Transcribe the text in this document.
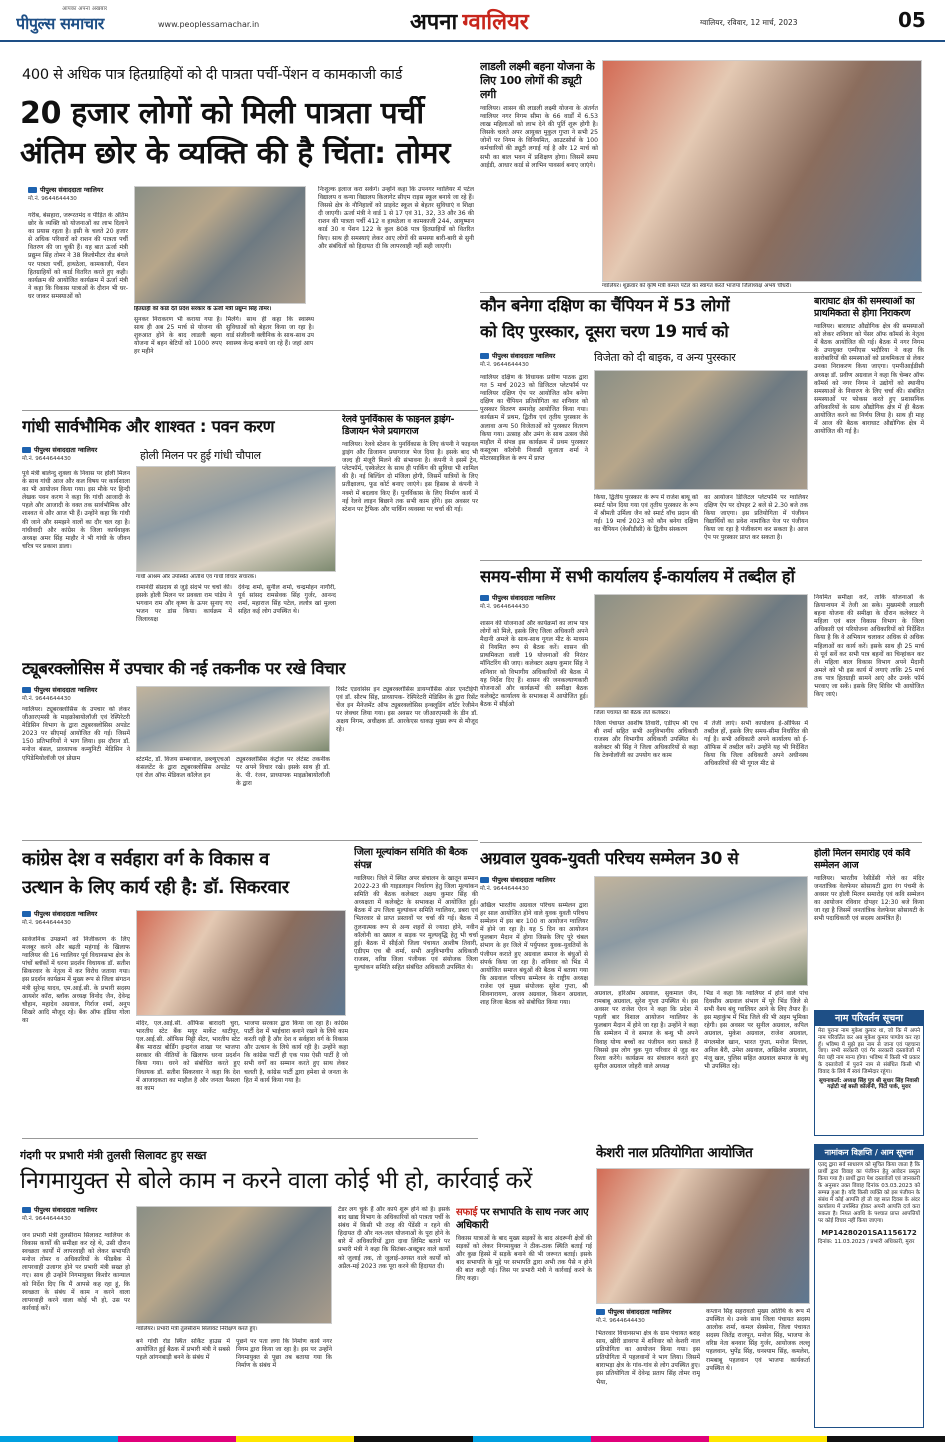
पीपुल्स समाचार
आपका अपना अखबार
www.peoplessamachar.in	अपना ग्वालियर	ग्वालियर, रविवार, 12 मार्च, 2023	05
400 से अधिक पात्र हितग्राहियों को दी पात्रता पर्ची-पेंशन व कामकाजी कार्ड
20 हजार लोगों को मिली पात्रता पर्ची
अंतिम छोर के व्यक्ति की है चिंता: तोमर
पीपुल्स संवाददाता ग्वालियर
मो.नं. 9644644430
गरीब, बेसहारा, जरूरतमंद व पीड़ित के अंतिम छोर के व्यक्ति को योजनाओं का लाभ दिलाने का प्रयास रहता है। इसी के चलते 20 हजार से अधिक परिवारों को राशन की पात्रता पर्ची वितरण की जा चुकी हैं। यह बात ऊर्जा मंत्री प्रद्युम्न सिंह तोमर ने 38 किलोमीटर रोड बंगले पर पात्रता पर्ची, हाथठेला, कामकाजी, पेंशन हितग्राहियों को कार्ड वितरित करते हुए कही। कार्यक्रम की आयोजित कार्यक्रम में ऊर्जा मंत्री ने कहा कि विकास यात्राओं के दौरान भी घर-घर जाकर समस्याओं को
हितग्राही को कार्ड देते प्रदेश सरकार के ऊर्जा मंत्री प्रद्युम्न सिंह तोमर।
सुनकर निराकरण भी कराया गया है। साथ ही अब 25 मार्च से योजना की शुरुआत होने के बाद लाडली बहना योजना में बहन बेटियों को 1000 रुपए हर महीने
मिलेंगे। साथ ही कहा कि स्वास्थ्य सुविधाओं को बेहतर किया जा रहा है। वार्ड संजीवनी क्लीनिक के साथ-साथ उप स्वास्थ्य केन्द्र बनाये जा रहे हैं। जहां आप
निःशुल्क इलाज करा सकेंगे। उन्होंने कहा कि उपनगर ग्वालियर में पटेल विद्यालय व कन्या विद्यालय किलागेट सीएम राइस स्कूल बनाये जा रहे हैं। जिससे क्षेत्र के नौनिहालों को प्राइवेट स्कूल से बेहतर सुविधाएं व शिक्षा दी जाएगी। ऊर्जा मंत्री ने वार्ड 1 से 17 एवं 31, 32, 33 और 36 की राशन की पात्रता पर्ची 412 व हाथठेला व कामकाजी 244, आयुष्मान कार्ड 30 व पेंशन 122 के कुल 808 पात्र हितग्राहियों को वितरित किए। साथ ही समस्याएं लेकर आए लोगों की समस्या बारी-बारी से सुनी और संबंधितों को हिदायत दी कि लापरवाही नहीं सही जाएगी।
लाडली लक्ष्मी बहना योजना के लिए 100 लोगों की ड्यूटी लगी
ग्वालियर। शासन की लाडली लक्ष्मी योजना के अंतर्गत ग्वालियर नगर निगम सीमा के 66 वार्डों में 6.53 लाख महिलाओं को लाभ देने की पूर्ति शुरू होगी है। जिसके चलते अपर आयुक्त मुकुल गुप्ता ने सभी 25 जोनों पर निगम के विनियमित, आउटसोर्स के 100 कर्मचारियों की ड्यूटी लगाई गई है और 12 मार्च को सभी का बाल भवन में प्रशिक्षण होगा। जिसमें समग्र आईडी, आधार कार्ड से लाभिन पावसर्व बनाए जाएंगे।
ग्वालियर। शुक्रवार को कृषि मंत्री कमल पटेल का स्वागत करते भाजपा जिलाध्यक्ष अभय चौधरी।
गांधी सार्वभौमिक और शाश्वत : पवन करण
पीपुल्स संवाददाता ग्वालियर
मो.नं. 9644644430	होली मिलन पर हुई गांधी चौपाल
पूर्व मंत्री बालेन्दु शुक्ला के निवास पर होली मिलन के साथ गांधी आज और कल विषय पर कार्यशाला का भी आयोजन किया गया। इस मौके पर हिन्दी लेखक पवन करण ने कहा कि गांधी आजादी के पहले और आजादी के वक्त तक सार्वभौमिक और शाश्वत थे और आज भी हैं। उन्होंने कहा कि गांधी की जाने और समझने वालों का दौर चल रहा है। गांधीवादी और कांग्रेस के जिला कार्यवाहक अध्यक्ष अमर सिंह माहौर ने भी गांधी के जीवन चरित्र पर प्रकाश डाला।
गांधी आश्रम और उपस्थित अतिथि एवं गांधी विचार संचारक।
रामानंदी संप्रदाय से जुड़े संदर्भ पर चर्चा की। इसके होली मिलन पर प्रवक्ता राम पांडेय ने भगवान राम और कृष्ण के ऊपर सुनाए गए भजन पर डांस किया। कार्यक्रम में जिलाध्यक्ष
देवेन्द्र शर्मा, सुनील शर्मा, चन्द्रमोहन नागौरी, पूर्व सांसद रामसेवक सिंह गुर्जर, आनन्द शर्मा, महाराज सिंह पटेल, ललोत्र खां मुल्ला सहित कई लोग उपस्थित थे।
रेलवे पुनर्विकास के फाइनल ड्राइंग-डिजायन भेजे प्रयागराज
ग्वालियर। रेलवे स्टेशन के पुनर्विकास के लिए कंपनी ने फाइनल ड्राइंग और डिजायन प्रयागराज भेज दिया है। इसके बाद भी जल्द ही मंजूरी मिलने की संभावना है। कंपनी ने इसमें ट्रेन, प्लेटफॉर्म, एस्केलेटर के साथ ही पार्किंग की सुविधा भी शामिल की है। नई बिल्डिंग दो मंजिला होगी, जिसमें यात्रियों के लिए प्रतीक्षालय, फूड कोर्ट बनाए जाएंगे। इस हिसाब से कंपनी ने नक्शे में बदलाव किए हैं। पुनर्विकास के लिए निर्माण कार्य में नई रेलवे लाइन बिछाने तक सभी काम होंगे। इस अवसर पर स्टेशन पर ट्रैफिक और पार्किंग व्यवस्था पर चर्चा की गई।
कौन बनेगा दक्षिण का चैंपियन में 53 लोगों
को दिए पुरस्कार, दूसरा चरण 19 मार्च को
पीपुल्स संवाददाता ग्वालियर
मो.नं. 9644644430
विजेता को दी बाइक, व अन्य पुरस्कार
ग्वालियर दक्षिण के विधायक प्रवीण पाठक द्वारा गत 5 मार्च 2023 को डिजिटल प्लेटफॉर्म पर ग्वालियर दक्षिण ऐप पर आयोजित कौन बनेगा दक्षिण का चैंपियन प्रतियोगिता का शनिवार को पुरस्कार वितरण समारोह आयोजित किया गया। कार्यक्रम में प्रथम, द्वितीय एवं तृतीय पुरस्कार के अलावा अन्य 50 विजेताओं को पुरस्कार वितरण किया गया। उत्साह और उमंग के साथ उत्सव जैसे माहौल में संपन्न इस कार्यक्रम में प्रथम पुरस्कार कस्तूरबा कॉलोनी निवासी सुजाता शर्मा ने मोटरसाइकिल के रूप में प्राप्त
किया, द्वितीय पुरस्कार के रूप में राजेश बाथू को स्मार्ट फोन दिया गया एवं तृतीय पुरस्कार के रूप में श्रीमती उर्मिला जैन को स्मार्ट वॉच प्रदान की गई। 19 मार्च 2023 को कौन बनेगा दक्षिण का चैंपियन (केबीडीसी) के द्वितीय संस्करण
का आयोजन डिजिटल प्लेटफॉर्म पर ग्वालियर दक्षिण ऐप पर दोपहर 2 बजे से 2.30 बजे तक किया जाएगा। इस प्रतियोगिता में पंजीयन विद्यार्थियों का प्रवेश नामांकित पेज पर पंजीयन किया जा रहा है पंजीकरण कर सकता है। आज ऐप पर पुरस्कार प्राप्त कर सकता है।
बाराघाट क्षेत्र की समस्याओं का प्राथमिकता से होगा निराकरण
ग्वालियर। बाराघाट औद्योगिक क्षेत्र की समस्याओं को लेकर शनिवार को पेंसर ऑफ कॉमर्स के नेतृत्व में बैठक आयोजित की गई। बैठक में नगर निगम के उपायुक्त एम्पीएस भदौरिया ने कहा कि कारोबारियों की समस्याओं को प्राथमिकता से लेकर उनका निराकरण किया जाएगा। एमपीआईडीसी अध्यक्ष डॉ. प्रवीण अग्रवाल ने कहा कि चेम्बर ऑफ कॉमर्स को नगर निगम ने उद्योगों को स्थानीय समस्याओं के निवारण के लिए चर्चा की। संबंधित समस्याओं पर फोकस करते हुए प्रशासनिक अधिकारियों के साथ औद्योगिक क्षेत्र में ही बैठक आयोजित करने का निर्णय लिया है। साथ ही माह में आज की बैठक बाराघाट औद्योगिक क्षेत्र में आयोजित की गई है।
ट्यूबरक्लोसिस में उपचार की नई तकनीक पर रखे विचार
पीपुल्स संवाददाता ग्वालियर
मो.नं. 9644644430
ग्वालियर। ट्यूबरक्लोसिस के उपचार को लेकर जीआरएमसी के माइक्रोबायोलॉजी एवं रेस्पिरेटरी मेडिसिन विभाग के द्वारा ट्यूबरक्लोसिस अपडेट 2023 पर सीएमई आयोजित की गई। जिसमें 150 प्रतिभागियों ने भाग लिया। इस दौरान डॉ. मनोज बंसल, प्राध्यापक कम्युनिटी मेडिसिन ने एपिडेमियोलॉजी एवं प्रोग्राम	स्टेटमेंट, डॉ. विजय सम्बरवाल, डब्ल्यूएचओ कंसलटेंट के द्वारा ट्यूबरक्लोसिस अपडेट एवं रोल ऑफ मेडिकल कॉलेज इन
ट्यूबरक्लोसिस कंट्रोल पर लेटेस्ट तकनीक पर अपने विचार रखे। इसके साथ ही डॉ. के. पी. रंजन, प्राध्यापक माइक्रोबायोलॉजी के द्वारा
रिसेंट एडवांसेस इन ट्यूबरक्लोसिस डायग्नोसिस अंडर एनटीईपी एवं डॉ. सौरभ सिंह, प्राध्यापक- रेस्पिरेटरी मेडिसिन के द्वारा रिसेंट चेंज इन मैनेजमेंट ऑफ ट्यूबरक्लोसिस इन्क्लूडिंग शॉर्टर रेजीमेन पर लेक्चर लिया गया। इस अवसर पर जीआरएमसी के डीन डॉ. अक्षय निगम, अधीक्षक डॉ. आरकेएस धाकड़ मुख्य रूप से मौजूद रहे।
समय-सीमा में सभी कार्यालय ई-कार्यालय में तब्दील हों
पीपुल्स संवाददाता ग्वालियर
मो.नं. 9644644430
शासन की योजनाओं और कार्यक्रमों का लाभ पात्र लोगों को मिले, इसके लिए जिला अधिकारी अपने मैदानी अमले के साथ-साथ गूगल मीट के माध्यम से नियमित रूप से बैठक करें। शासन की प्राथमिकता वाली 19 योजनाओं की निरंतर मॉनिटरिंग की जाए। कलेक्टर अक्षय कुमार सिंह ने शनिवार को विभागीय अधिकारियों की बैठक में यह निर्देश दिए हैं। शासन की जनकल्याणकारी योजनाओं और कार्यक्रमों की समीक्षा बैठक कलेक्ट्रेट कार्यालय के सभाकक्ष में आयोजित हुई। बैठक में सीईओ
जिला पंचायत की बैठक लेते कलेक्टर।
जिला पंचायत आशीष तिवारी, एडीएम श्री एच बी शर्मा सहित सभी अनुविभागीय अधिकारी राजस्व और विभागीय अधिकारी उपस्थित थे। कलेक्टर श्री सिंह ने जिला अधिकारियों से कहा कि टेक्नोलॉजी का उपयोग कर काम
में तेजी लाएं। सभी कार्यालय ई-ऑफिस में तब्दील हों, इसके लिए समय-सीमा निर्धारित की गई है। सभी अधिकारी अपने कार्यालय को ई-ऑफिस में तब्दील करें। उन्होंने यह भी निर्देशित किया कि जिला अधिकारी अपने अधीनस्थ अधिकारियों की भी गूगल मीट से
नियमित समीक्षा करें, ताकि योजनाओं के क्रियान्वयन में तेजी आ सके। मुख्यमंत्री लाडली बहना योजना की समीक्षा के दौरान कलेक्टर ने महिला एवं बाल विकास विभाग के जिला अधिकारी एवं परियोजना अधिकारियों को निर्देशित किया है कि वे अभियान चलाकर अधिक से अधिक महिलाओं का कार्य करें। इसके साथ ही 25 मार्च से पूर्व सर्वे कर सभी पात्र बहनों का चिन्हांकन कर लें। महिला बाल विकास विभाग अपने मैदानी अमले को भी इस कार्य में लगाएं ताकि 25 मार्च तक पात्र हितग्राही सामने आएं और उनके फॉर्म भरवाए जा सकें। इसके लिए शिविर भी आयोजित किए जाएं।
कांग्रेस देश व सर्वहारा वर्ग के विकास व
उत्थान के लिए कार्य रही है: डॉ. सिकरवार
पीपुल्स संवाददाता ग्वालियर
मो.नं. 9644644430
सार्वजनिक उपक्रमों को निजीकरण के लिए मजबूर करने और बढ़ती महंगाई के खिलाफ ग्वालियर की 16 ग्वालियर पूर्व विधानसभा क्षेत्र के पांचों ब्लॉकों में धरना प्रदर्शन विधायक डॉ. सतीश सिकरवार के नेतृत्व में कर विरोध जताया गया। इस प्रदर्शन कार्यक्रम में मुख्य रूप से जिला संगठन मंत्री सुरेन्द्र यादव, एम.आई.सी. के प्रभारी सदस्य आयशेर कॉरा, ब्लॉक अध्यक्ष विनोद जैन, देवेन्द्र चौहान, महादेव अग्रवाल, गिर्राज शर्मा, अनूप शिखरे आदि मौजूद रहे। बैंक ऑफ इंडिया गोला का	मंदिर, एल.आई.सी. ऑफिस बारादरी चुरा, भारतीय स्टेट बैंक मयूर मार्केट थाटीपुर, एल.आई.सी. ऑफिस मिट्टी सेंटर, भारतीय स्टेट बैंक माराठा बोर्डिंग इन्द्रगंज शाखा पर भाजपा सरकार की नीतियों के खिलाफ धरना प्रदर्शन किया गया। धरने को संबोधित करते हुए विधायक डॉ. सतीश सिकरवार ने कहा कि देश में आजादकता का माहौल है और जनता फैसला का काम
भाजपा सरकार द्वारा किया जा रहा है। कांग्रेस पार्टी देश में भाईचारा बनाने रखने के लिये काम करती रही है और देश व सर्वहारा वर्ग के विकास और उत्थान के लिये कार्य रही है। उन्होंने कहा कि कांग्रेस पार्टी ही एक पास ऐसी पार्टी है जो सभी वर्गों का सम्मान करते हुए साथ लेकर चलती है, कांग्रेस पार्टी द्वारा हमेशा से जनता के हित में कार्य किया गया है।
जिला मूल्यांकन समिति की बैठक संपन्न
ग्वालियर। जिले में स्थित अपर संचालन के खातून सम्मान 2022-23 की गाइडलाइन निर्धारण हेतु जिला मूल्यांकन समिति की बैठक कलेक्टर अक्षय कुमार सिंह की अध्यक्षता में कलेक्ट्रेट के सभाकक्ष में आयोजित हुई। बैठक में उप जिला मूल्यांकन समिति ग्वालियर, डबरा एवं भितरवार से प्राप्त प्रस्तावों पर चर्चा की गई। बैठक में तुलनात्मक रूप से अन्य शहरों से ज्यादा होने, नवीन कॉलोनी का ख्याल व सड़क पर मूल्यवृद्धि हेतु भी चर्चा हुई। बैठक में सीईओ जिला पंचायत आशीष तिवारी, एडीएम एच बी शर्मा, सभी अनुविभागीय अधिकारी राजस्व, वरिष्ठ जिला पंजीयक एवं संयोजक जिला मूल्यांकन समिति सहित संबंधित अधिकारी उपस्थित थे।
अग्रवाल युवक-युवती परिचय सम्मेलन 30 से
पीपुल्स संवाददाता ग्वालियर
मो.नं. 9644644430
अखिल भारतीय अग्रवाल परिचय सम्मेलन द्वारा हर साल आयोजित होने वाले युवक युवती परिचय सम्मेलन में इस बार 100 वा आयोजन ग्वालियर में होने जा रहा है। यह 5 दिन का आयोजन फूलबाग मैदान में होगा जिसके लिए पूरे चंबल संभाग के हर जिले में पर्युपकर युवक-युवतियों के पंजीयन कराते हुए अग्रवाल समाज के बंधुओं से संपर्क किया जा रहा है। शनिवार को भिंड में आयोजित समाज बंधुओं की बैठक में बताया गया कि अग्रवाल परिचय सम्मेलन के राष्ट्रीय अध्यक्ष राजेश एवं मुख्य संयोजक सुरेश गुप्ता, श्री शिवनारायण, अजय अग्रवाल, किशन अग्रवाल, शाह लिजा बैठक को संबोधित किया गया।
अग्रवाल, हरिओम अग्रवाल, सुकमाल जैन, रामबाबू अग्रवाल, सुरेश गुप्ता उपस्थित थे। इस अवसर पर राजेश ऐरन ने कहा कि प्रदेश में पहली बार विशाल आयोजन ग्वालियर के फूलबाग मैदान में होने जा रहा है। उन्होंने ने कहा कि सम्मेलन में वे समाज के बन्धु भी अपने विवाह योग्य बच्चों का पंजीयन करा सकते हैं जिससे इस लोग चुक पूरा परिवार से जुड़ कर रिश्ता करेंगे। कार्यक्रम का संचालन करते हुए सुनील अग्रवाल जोहरी वाले अध्यक्ष
भिंड ने कहा कि ग्वालियर में होने वाले पांच दिवसीय अग्रवाल संभाग में पूरे भिंड जिले से सभी वैश्य बंधु ग्वालियर आने के लिए तैयार हैं। इस महाकुंभ में भिंड जिले की भी अहम भूमिका रहेगी। इस अवसर पर सुनील अग्रवाल, कपिल अग्रवाल, मुकेश अग्रवाल, राजेश अग्रवाल, मंगलमोल खान, भारत गुप्ता, मनोज मित्तल, अनिल बैरी, उमेश अग्रवाल, अखिलेश अग्रवाल, मंजू खल, पुलिस सहित अग्रवाल समाज के बंधु भी उपस्थित रहे।
होली मिलन समारोह एवं कवि सम्मेलन आज
ग्वालियर। भारतीय रेसीडेंसी गोले का मंदिर जनतांत्रिक वेलफेयर सोसायटी द्वारा रंग पंचमी के अवसर पर होली मिलन समारोह एवं कवि सम्मेलन का आयोजन रविवार दोपहर 12:30 बजे किया जा रहा है जिसमें जनतांत्रिक वेलफेयर सोसायटी के सभी पदाधिकारी एवं सदस्य आमंत्रित हैं।
नाम परिवर्तन सूचना
मेरा पुराना नाम मुकेश कुमार था, जो कि में अपने नाम परिवर्तित कर अब मुकेश कुमार पाण्डेय कर रहा हूँ। भविष्य में मुझे इस नाम से जाना एवं पहचाना जाए। सभी सरकारी एवं गैर सरकारी दस्तावेजों में मेरा यही नाम मान्य होगा। भविष्य में किसी भी प्रकार के दस्तावेजों में पुराने नाम से संबंधित किसी भी विवाद के लिये मैं स्वयं जिम्मेदार रहूंगा।
सूचनाकर्ता: अध्यक्ष सिंह पुत्र श्री सुधार सिंह निवासी गढ़ोटी नई बस्ती कॉलोनी, पिंटो पार्क, मुरार
गंदगी पर प्रभारी मंत्री तुलसी सिलावट हुए सख्त
निगमायुक्त से बोले काम न करने वाला कोई भी हो, कार्रवाई करें
पीपुल्स संवाददाता ग्वालियर
मो.नं. 9644644430
जन प्रभारी मंत्री तुलसीराम सिलावट ग्वालियर के विकास कार्यों की समीक्षा कर रहे थे, उसी दौरान स्वच्छता कार्यों में लापरवाही को लेकर सभापति मनोज तोमर व अधिकारियों के फीडबैक में लापरवाही उजागर होने पर प्रभारी मंत्री सख्त हो गए। साथ ही उन्होंने निगमायुक्त किशोर कान्याल को निर्देश दिए कि मैं आपसे कह रहा हूं, कि स्वच्छता के संबंध में काम न करने वाला लापरवाही करने वाला कोई भी हो, उस पर कार्रवाई करें।
ग्वालियर। प्रभारी मंत्री तुलसीराम सिलावट निरीक्षण करते हुए।
बने गांधी रोड स्थित सर्किट हाउस में आयोजित हुई बैठक में प्रभारी मंत्री ने सबसे पहले आंगनबाड़ी बनने के संबंध में
पूछने पर पता लगा कि निर्माण कार्य नगर निगम द्वारा किया जा रहा है। इस पर उन्होंने निगमायुक्त से पूछा तब बताया गया कि निर्माण के संबंध में
टेंडर लग चुके हैं और कार्य शुरू होने को है। इसके बाद खाद्य विभाग के अधिकारियों को पात्रता पर्ची के संबंध में किसी भी तरह की पेंडेंसी न रहने की हिदायत दी और नल-जल योजनाओं के पूरा होने के बारे में अधिकारियों द्वारा दावा लिमिट बताने पर प्रभारी मंत्री ने कहा कि सितंबर-अक्टूबर वाले कार्यों को जुलाई तक, तो जुलाई-अगस्त वाले कार्यों को अप्रैल-मई 2023 तक पूरा करने की हिदायत दी।
सफाई पर सभापति के साथ नजर आए अधिकारी
विकास यात्राओं के बाद मुख्य सड़कों के बाद अंदरूनी क्षेत्रों की सड़कों को लेकर निगमायुक्त ने ठीक-ठाक स्थिति बताई गई और कुछ हिस्से में सड़कें बनाने की भी जरूरत बताई। इसके बाद सभापति के मुद्दे पर सभापति द्वारा अभी तक पैसे न होने की बात कही गई। जिस पर प्रभारी मंत्री ने कार्रवाई करने के लिए कहा।
केशरी नाल प्रतियोगिता आयोजित
पीपुल्स संवाददाता ग्वालियर
मो.नं. 9644644430
भितरवार विधानसभा क्षेत्र के ग्राम पंचायत बराह साय, खीरी डावरपा में शनिवार को केशरी नाल प्रतियोगिता का आयोजन किया गया। इस प्रतियोगिता में पहलवानों ने भाग लिया। जिसमें बाराभड़ा क्षेत्र के गांव-गांव से लोग उपस्थित हुए। इस प्रतियोगिता में देवेन्द्र प्रताप सिंह तोमर रामू भैया,
कप्तान सिंह सहरावतो मुख्य अतिथि के रूप में उपस्थित थे। उनके साथ जिला पंचायत सदस्य आलोक शर्मा, कमल सेक्सेना, जिला पंचायत सदस्य जितेंद्र राजपूत, मनोज सिंह, भाजपा के वरिष्ठ नेता बनवार सिंह गुर्जर, आयोजक लल्लू पहलवान, भुपेंद्र सिंह, घनश्याम सिंह, कमलेश, रामबाबू पहलवान एवं भाजपा कार्यकर्ता उपस्थित थे।
नामांकन विज्ञप्ति / आम सूचना
एतद् द्वारा सर्व साधारण को सूचित किया जाता है कि प्रार्थी द्वारा विवाह का पंजीयन हेतु आवेदन प्रस्तुत किया गया है। प्रार्थी द्वारा पेश दस्तावेजों एवं जानकारी के अनुसार उक्त विवाह दिनांक 03.03.2023 को सम्पन्न हुआ है। यदि किसी व्यक्ति को इस पंजीयन के संबंध में कोई आपत्ति हो तो वह सात दिवस के अंदर कार्यालय में उपस्थित होकर अपनी आपत्ति दर्ज करा सकता है। नियत अवधि के पश्चात प्राप्त आपत्तियों पर कोई विचार नहीं किया जाएगा।
MP14280201SA1156172
दिनांक: 11.03.2023 / प्रभारी अधिकारी, मुरार
